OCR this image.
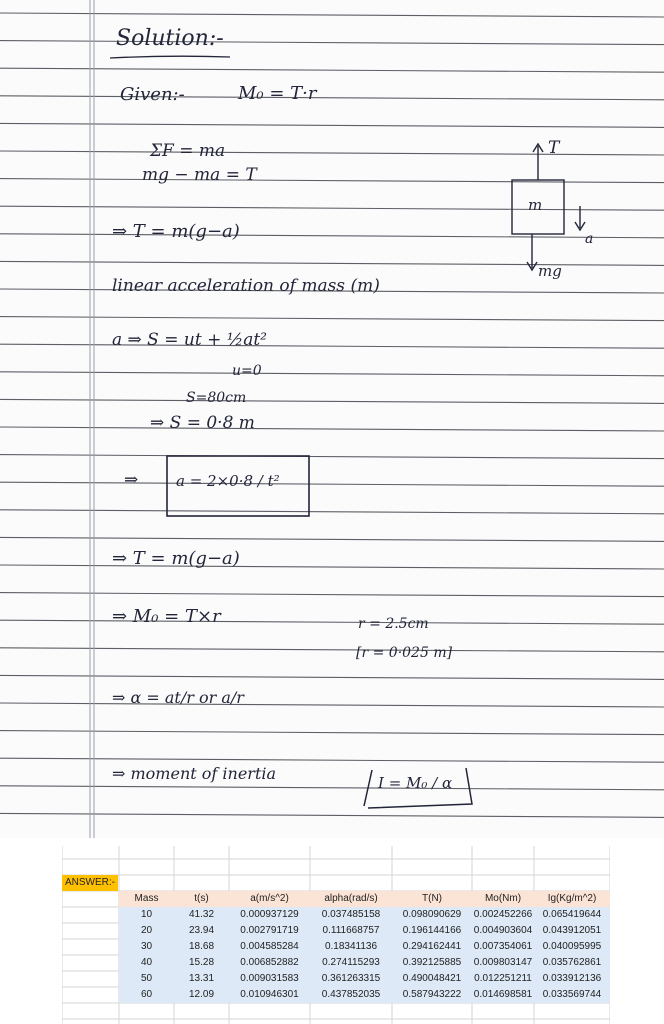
Solution:-
Given:-	M₀ = T·r
ΣF = ma
mg − ma = T
⇒ T = m(g−a)
T
m
a
mg
linear acceleration of mass (m)
a ⇒ S = ut + ½at²
u=0
S=80cm
⇒ S = 0·8 m
⇒	a = 2×0·8 / t²
⇒ T = m(g−a)
⇒ M₀ = T×r	r = 2.5cm
[r = 0·025 m]
⇒ α = at/r or a/r
⇒ moment of inertia	I = M₀ / α
ANSWER:-
Mass	t(s)	a(m/s^2)	alpha(rad/s)	T(N)	Mo(Nm)	Ig(Kg/m^2)
10	41.32	0.000937129	0.037485158	0.098090629	0.002452266	0.065419644
20	23.94	0.002791719	0.111668757	0.196144166	0.004903604	0.043912051
30	18.68	0.004585284	0.18341136	0.294162441	0.007354061	0.040095995
40	15.28	0.006852882	0.274115293	0.392125885	0.009803147	0.035762861
50	13.31	0.009031583	0.361263315	0.490048421	0.012251211	0.033912136
60	12.09	0.010946301	0.437852035	0.587943222	0.014698581	0.033569744
